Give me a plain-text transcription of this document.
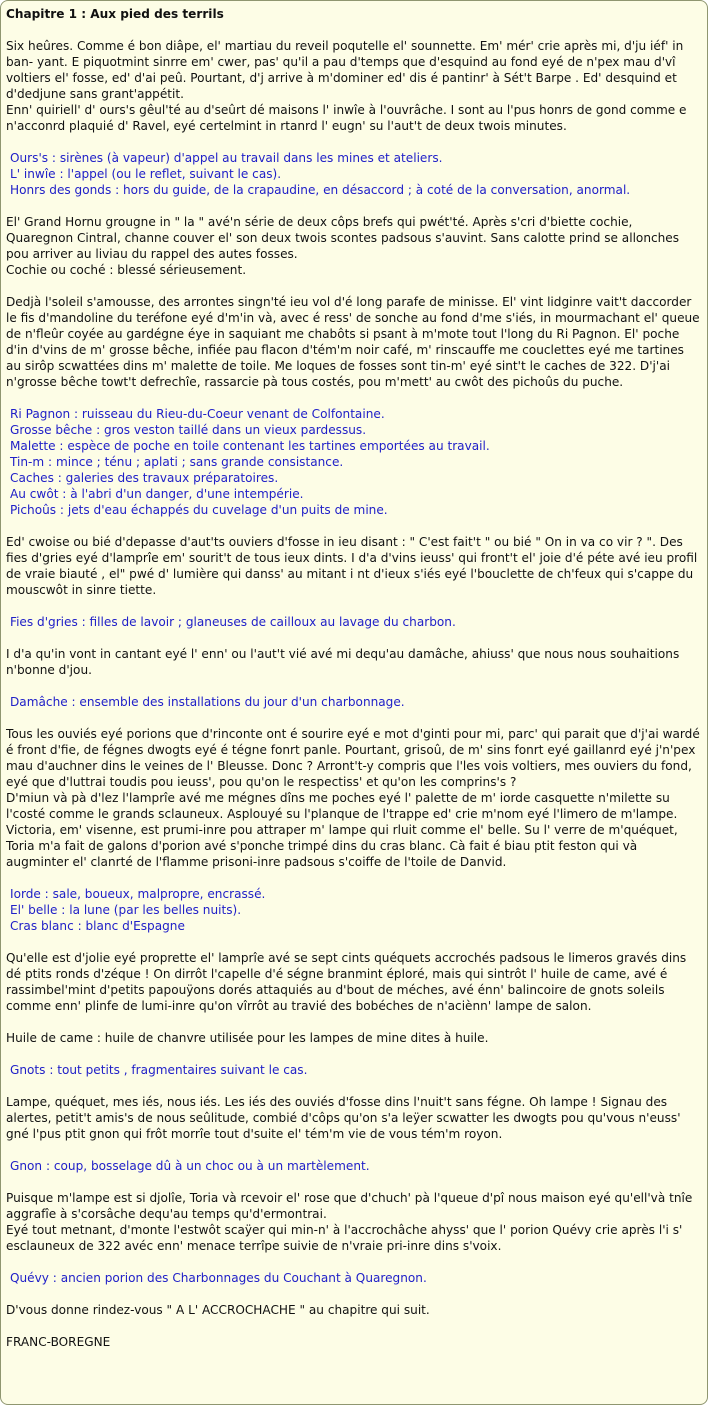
Chapitre 1 : Aux pied des terrils
Six heûres. Comme é bon diâpe, el' martiau du reveil poqutelle el' sounnette. Em' mér' crie après mi, d'ju iéf' in ban- yant. E piquotmint sinrre em' cwer, pas' qu'il a pau d'temps que d'esquind au fond eyé de n'pex mau d'vî voltiers el' fosse, ed' d'ai peû. Pourtant, d'j arrive à m'dominer ed' dis é pantinr' à Sét't Barpe . Ed' desquind et d'dedjune sans grant'appétit.
Enn' quiriell' d' ours's gêul'té au d'seûrt dé maisons l' inwîe à l'ouvrâche. I sont au l'pus honrs de gond comme e n'acconrd plaquié d' Ravel, eyé certelmint in rtanrd l' eugn' su l'aut't de deux twois minutes.
Ours's : sirènes (à vapeur) d'appel au travail dans les mines et ateliers.
L' inwîe : l'appel (ou le reflet, suivant le cas).
Honrs des gonds : hors du guide, de la crapaudine, en désaccord ; à coté de la conversation, anormal.
El' Grand Hornu grougne in " la " avé'n série de deux côps brefs qui pwét'té. Après s'cri d'biette cochie, Quaregnon Cintral, channe couver el' son deux twois scontes padsous s'auvint. Sans calotte prind se allonches pou arriver au liviau du rappel des autes fosses.
Cochie ou coché : blessé sérieusement.
Dedjà l'soleil s'amousse, des arrontes singn'té ieu vol d'é long parafe de minisse. El' vint lidginre vait't daccorder le fis d'mandoline du teréfone eyé d'm'in và, avec é ress' de sonche au fond d'me s'iés, in mourmachant el' queue de n'fleûr coyée au gardégne éye in saquiant me chabôts si psant à m'mote tout l'long du Ri Pagnon. El' poche d'in d'vins de m' grosse bêche, infiée pau flacon d'tém'm noir café, m' rinscauffe me couclettes eyé me tartines au sirôp scwattées dins m' malette de toile. Me loques de fosses sont tin-m' eyé sint't le caches de 322. D'j'ai n'grosse bêche towt't defrechîe, rassarcie pà tous costés, pou m'mett' au cwôt des pichoûs du puche.
Ri Pagnon : ruisseau du Rieu-du-Coeur venant de Colfontaine.
Grosse bêche : gros veston taillé dans un vieux pardessus.
Malette : espèce de poche en toile contenant les tartines emportées au travail.
Tin-m : mince ; ténu ; aplati ; sans grande consistance.
Caches : galeries des travaux préparatoires.
Au cwôt : à l'abri d'un danger, d'une intempérie.
Pichoûs : jets d'eau échappés du cuvelage d'un puits de mine.
Ed' cwoise ou bié d'depasse d'aut'ts ouviers d'fosse in ieu disant : " C'est fait't " ou bié " On in va co vir ? ". Des fies d'gries eyé d'lamprîe em' sourit't de tous ieux dints. I d'a d'vins ieuss' qui front't el' joie d'é péte avé ieu profil de vraie biauté , el" pwé d' lumière qui danss' au mitant i nt d'ieux s'iés eyé l'bouclette de ch'feux qui s'cappe du mouscwôt in sinre tiette.
Fies d'gries : filles de lavoir ; glaneuses de cailloux au lavage du charbon.
I d'a qu'in vont in cantant eyé l' enn' ou l'aut't vié avé mi dequ'au damâche, ahiuss' que nous nous souhaitions n'bonne d'jou.
Damâche : ensemble des installations du jour d'un charbonnage.
Tous les ouviés eyé porions que d'rinconte ont é sourire eyé e mot d'ginti pour mi, parc' qui parait que d'j'ai wardé é front d'fie, de fégnes dwogts eyé é tégne fonrt panle. Pourtant, grisoû, de m' sins fonrt eyé gaillanrd eyé j'n'pex mau d'auchner dins le veines de l' Bleusse. Donc ? Arront't-y compris que l'les vois voltiers, mes ouviers du fond, eyé que d'luttrai toudis pou ieuss', pou qu'on le respectiss' et qu'on les comprins's ?
D'miun và pà d'lez l'lamprîe avé me mégnes dîns me poches eyé l' palette de m' iorde casquette n'milette su l'costé comme le grands sclauneux. Asplouyé su l'planque de l'trappe ed' crie m'nom eyé l'limero de m'lampe. Victoria, em' visenne, est prumi-inre pou attraper m' lampe qui rluit comme el' belle. Su l' verre de m'quéquet, Toria m'a fait de galons d'porion avé s'ponche trimpé dins du cras blanc. Cà fait é biau ptit feston qui và augminter el' clanrté de l'flamme prisoni-inre padsous s'coiffe de l'toile de Danvid.
Iorde : sale, boueux, malpropre, encrassé.
El' belle : la lune (par les belles nuits).
Cras blanc : blanc d'Espagne
Qu'elle est d'jolie eyé proprette el' lamprîe avé se sept cints quéquets accrochés padsous le limeros gravés dins dé ptits ronds d'zéque ! On dirrôt l'capelle d'é ségne branmint éploré, mais qui sintrôt l' huile de came, avé é rassimbel'mint d'petits papouÿons dorés attaquiés au d'bout de méches, avé énn' balincoire de gnots soleils comme enn' plinfe de lumi-inre qu'on vîrrôt au travié des bobéches de n'aciènn' lampe de salon.
Huile de came : huile de chanvre utilisée pour les lampes de mine dites à huile.
Gnots : tout petits , fragmentaires suivant le cas.
Lampe, quéquet, mes iés, nous iés. Les iés des ouviés d'fosse dins l'nuit't sans fégne. Oh lampe ! Signau des alertes, petit't amis's de nous seûlitude, combié d'côps qu'on s'a leÿer scwatter les dwogts pou qu'vous n'euss' gné l'pus ptit gnon qui frôt morrîe tout d'suite el' tém'm vie de vous tém'm royon.
Gnon : coup, bosselage dû à un choc ou à un martèlement.
Puisque m'lampe est si djolîe, Toria và rcevoir el' rose que d'chuch' pà l'queue d'pî nous maison eyé qu'ell'và tnîe aggrafîe à s'corsâche dequ'au temps qu'd'ermontrai.
Eyé tout metnant, d'monte l'estwôt scaÿer qui min-n' à l'accrochâche ahyss' que l' porion Quévy crie après l'i s' esclauneux de 322 avéc enn' menace terrîpe suivie de n'vraie pri-inre dins s'voix.
Quévy : ancien porion des Charbonnages du Couchant à Quaregnon.
D'vous donne rindez-vous " A L' ACCROCHACHE " au chapitre qui suit.
FRANC-BOREGNE
